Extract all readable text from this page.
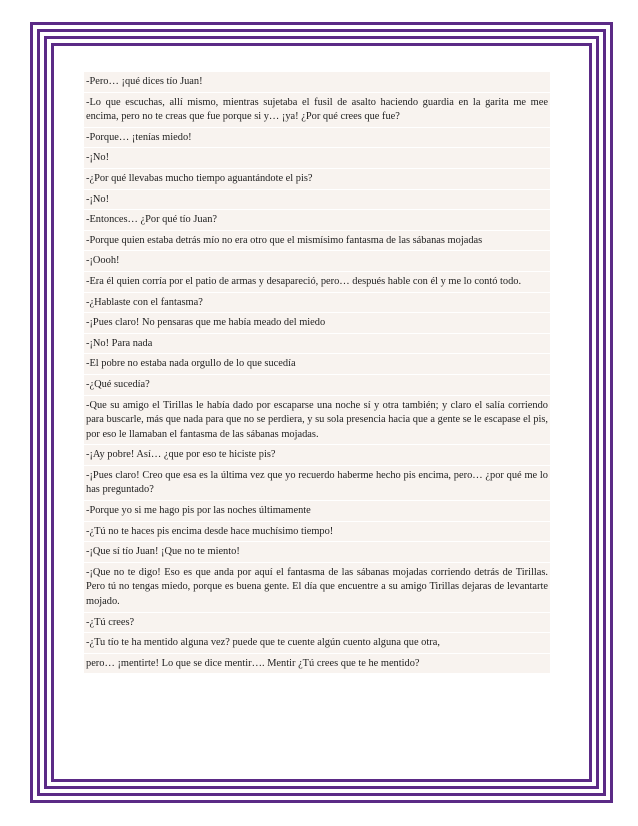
-Pero… ¡qué dices tío Juan!
-Lo que escuchas, allí mismo, mientras sujetaba el fusil de asalto haciendo guardia en la garita me mee encima, pero no te creas que fue porque si y… ¡ya! ¿Por qué crees que fue?
-Porque… ¡tenías miedo!
-¡No!
-¿Por qué llevabas mucho tiempo aguantándote el pis?
-¡No!
-Entonces… ¿Por qué tío Juan?
-Porque quien estaba detrás mío no era otro que el mismísimo fantasma de las sábanas mojadas
-¡Oooh!
-Era él quien corría por el patio de armas y desapareció, pero… después hable con él y me lo contó todo.
-¿Hablaste con el fantasma?
-¡Pues claro! No pensaras que me había meado del miedo
-¡No! Para nada
-El pobre no estaba nada orgullo de lo que sucedía
-¿Qué sucedía?
-Que su amigo el Tirillas le había dado por escaparse una noche sí y otra también; y claro el salía corriendo para buscarle, más que nada para que no se perdiera, y su sola presencia hacia que a gente se le escapase el pis, por eso le llamaban el fantasma de las sábanas mojadas.
-¡Ay pobre! Así… ¿que por eso te hiciste pis?
-¡Pues claro! Creo que esa es la última vez que yo recuerdo haberme hecho pis encima, pero… ¿por qué me lo has preguntado?
-Porque yo si me hago pis por las noches últimamente
-¿Tú no te haces pis encima desde hace muchísimo tiempo!
-¡Que sí tío Juan! ¡Que no te miento!
-¡Que no te digo! Eso es que anda por aquí el fantasma de las sábanas mojadas corriendo detrás de Tirillas. Pero tú no tengas miedo, porque es buena gente. El día que encuentre a su amigo Tirillas dejaras de levantarte mojado.
-¿Tú crees?
-¿Tu tío te ha mentido alguna vez? puede que te cuente algún cuento alguna que otra,
pero… ¡mentirte! Lo que se dice mentir…. Mentir ¿Tú crees que te he mentido?
